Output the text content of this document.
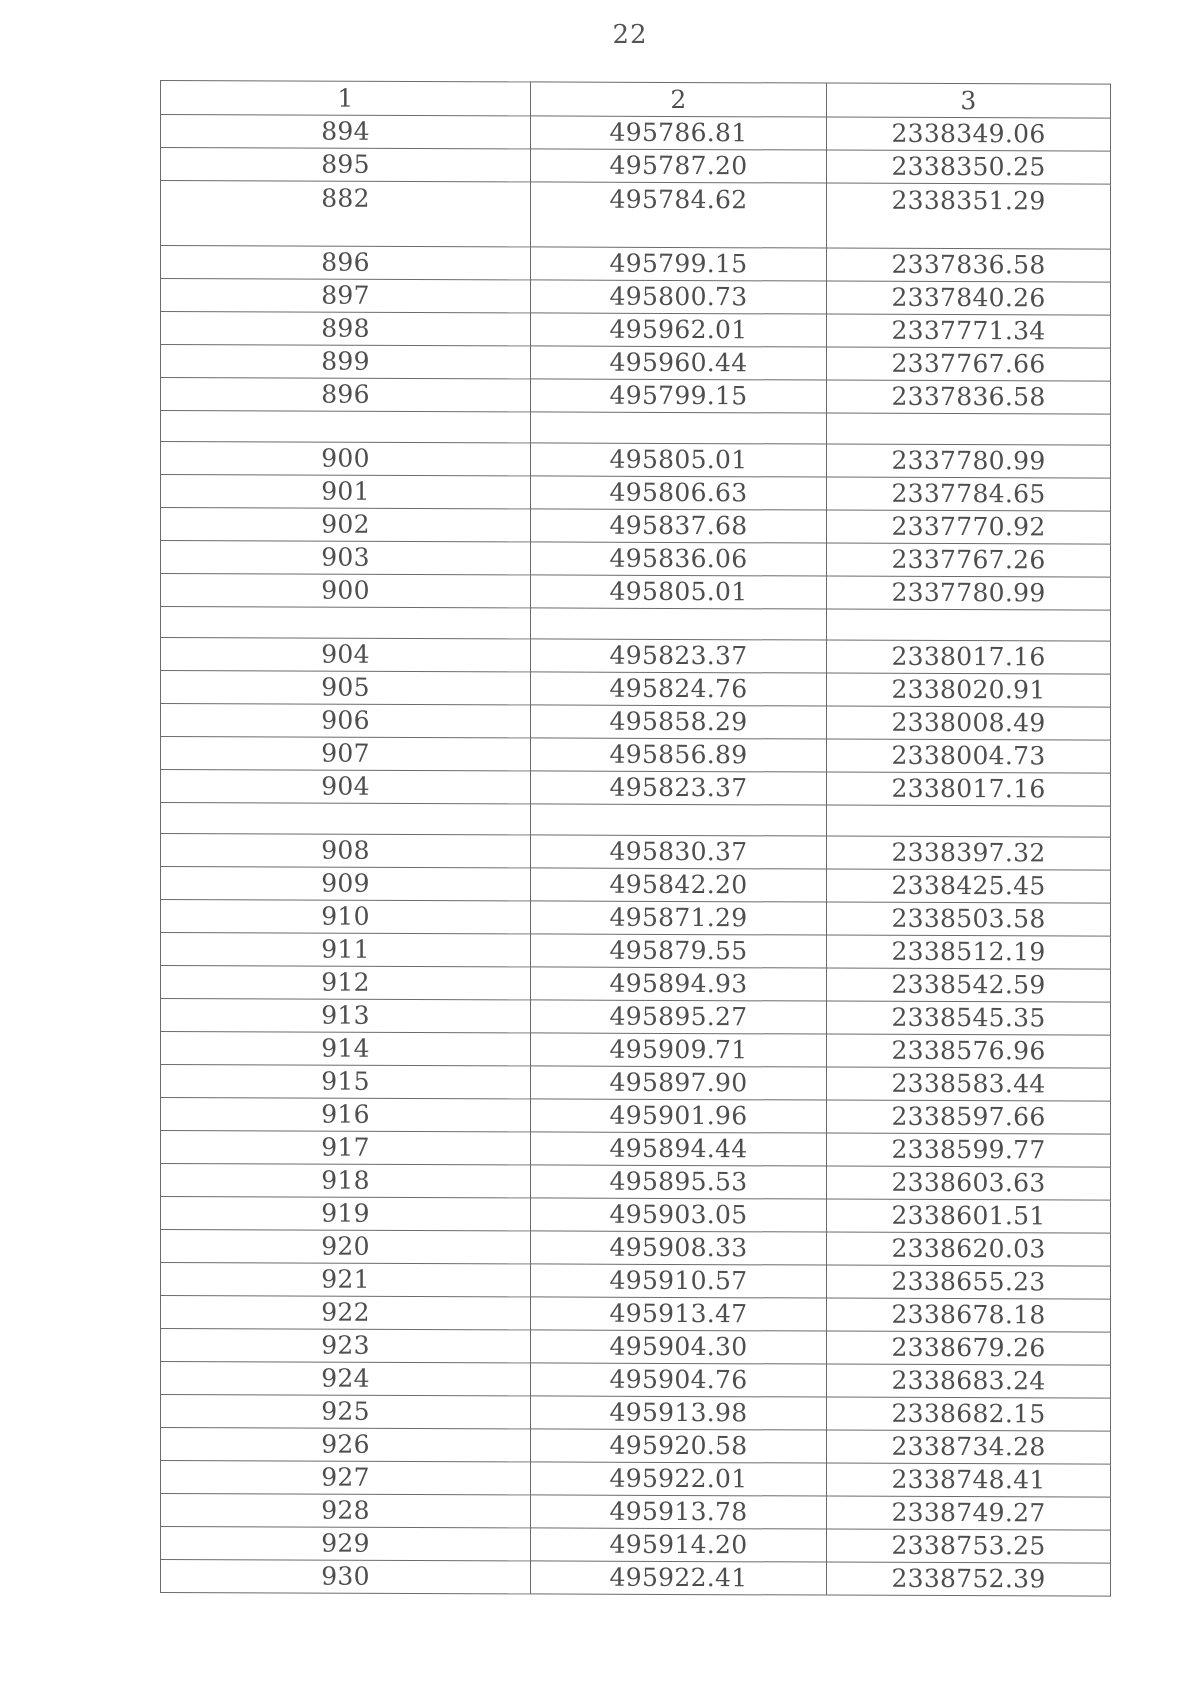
22
1	2	3
894	495786.81	2338349.06
895	495787.20	2338350.25
882	495784.62	2338351.29
896	495799.15	2337836.58
897	495800.73	2337840.26
898	495962.01	2337771.34
899	495960.44	2337767.66
896	495799.15	2337836.58

900	495805.01	2337780.99
901	495806.63	2337784.65
902	495837.68	2337770.92
903	495836.06	2337767.26
900	495805.01	2337780.99

904	495823.37	2338017.16
905	495824.76	2338020.91
906	495858.29	2338008.49
907	495856.89	2338004.73
904	495823.37	2338017.16

908	495830.37	2338397.32
909	495842.20	2338425.45
910	495871.29	2338503.58
911	495879.55	2338512.19
912	495894.93	2338542.59
913	495895.27	2338545.35
914	495909.71	2338576.96
915	495897.90	2338583.44
916	495901.96	2338597.66
917	495894.44	2338599.77
918	495895.53	2338603.63
919	495903.05	2338601.51
920	495908.33	2338620.03
921	495910.57	2338655.23
922	495913.47	2338678.18
923	495904.30	2338679.26
924	495904.76	2338683.24
925	495913.98	2338682.15
926	495920.58	2338734.28
927	495922.01	2338748.41
928	495913.78	2338749.27
929	495914.20	2338753.25
930	495922.41	2338752.39
